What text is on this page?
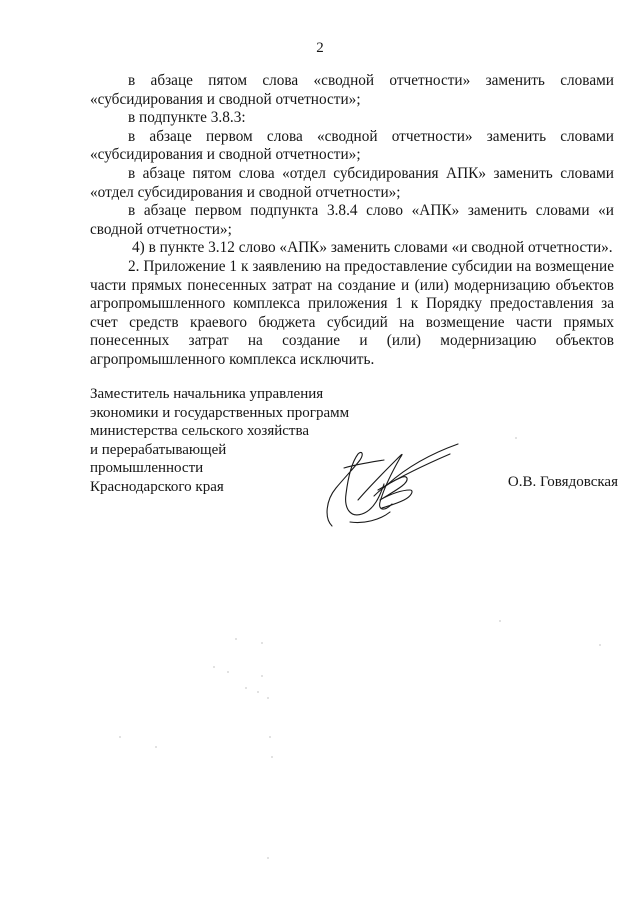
2

в абзаце пятом слова «сводной отчетности» заменить словами «субсидирования и сводной отчетности»;

в подпункте 3.8.3:

в абзаце первом слова «сводной отчетности» заменить словами «субсидирования и сводной отчетности»;

в абзаце пятом слова «отдел субсидирования АПК» заменить словами «отдел субсидирования и сводной отчетности»;

в абзаце первом подпункта 3.8.4 слово «АПК» заменить словами «и сводной отчетности»;

4) в пункте 3.12 слово «АПК» заменить словами «и сводной отчетности».

2. Приложение 1 к заявлению на предоставление субсидии на возмещение части прямых понесенных затрат на создание и (или) модернизацию объектов агропромышленного комплекса приложения 1 к Порядку предоставления за счет средств краевого бюджета субсидий на возмещение части прямых понесенных затрат на создание и (или) модернизацию объектов агропромышленного комплекса исключить.

Заместитель начальника управления
экономики и государственных программ
министерства сельского хозяйства
и перерабатывающей
промышленности
Краснодарского края	О.В. Говядовская
